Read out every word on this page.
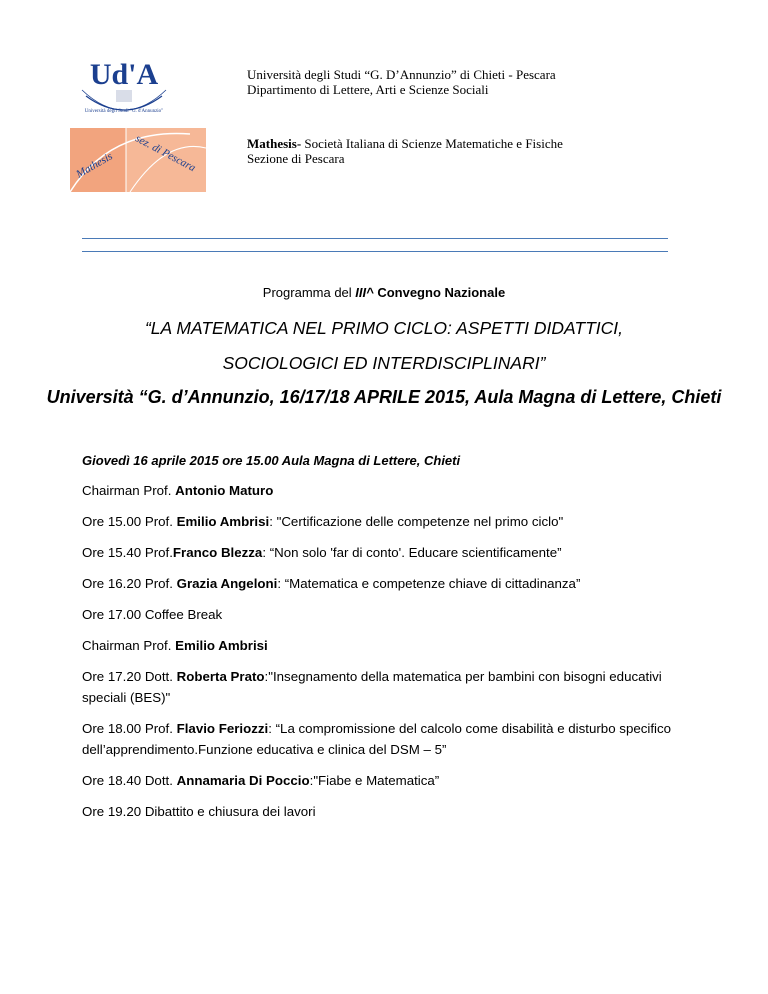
Ud'A
Università degli Studi "G. d'Annunzio"
Mathesis sez. di Pescara
Università degli Studi “G. D’Annunzio” di Chieti - Pescara
Dipartimento di Lettere, Arti e Scienze Sociali
Mathesis- Società Italiana di Scienze Matematiche e Fisiche
Sezione di Pescara
Programma del III^ Convegno Nazionale
“LA MATEMATICA NEL PRIMO CICLO: ASPETTI DIDATTICI,
SOCIOLOGICI ED INTERDISCIPLINARI”
Università “G. d’Annunzio, 16/17/18 APRILE 2015, Aula Magna di Lettere, Chieti
Giovedì 16 aprile 2015 ore 15.00 Aula Magna di Lettere, Chieti
Chairman Prof. Antonio Maturo
Ore 15.00 Prof. Emilio Ambrisi: "Certificazione delle competenze nel primo ciclo"
Ore 15.40 Prof.Franco Blezza: “Non solo 'far di conto'. Educare scientificamente”
Ore 16.20 Prof. Grazia Angeloni: “Matematica e competenze chiave di cittadinanza”
Ore 17.00 Coffee Break
Chairman Prof. Emilio Ambrisi
Ore 17.20 Dott. Roberta Prato:"Insegnamento della matematica per bambini con bisogni educativi speciali (BES)"
Ore 18.00 Prof. Flavio Feriozzi: “La compromissione del calcolo come disabilità e disturbo specifico dell’apprendimento.Funzione educativa e clinica del DSM – 5”
Ore 18.40 Dott. Annamaria Di Poccio:"Fiabe e Matematica”
Ore 19.20 Dibattito e chiusura dei lavori
